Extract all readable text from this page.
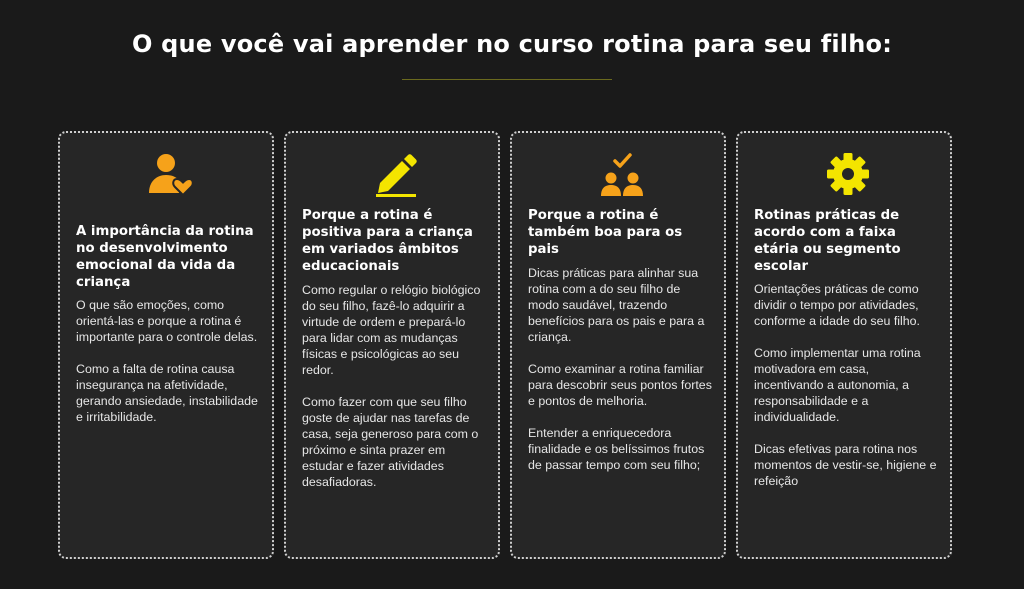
O que você vai aprender no curso rotina para seu filho:
A importância da rotina no desenvolvimento emocional da vida da criança

O que são emoções, como orientá-las e porque a rotina é importante para o controle delas.

Como a falta de rotina causa insegurança na afetividade, gerando ansiedade, instabilidade e irritabilidade.

Porque a rotina é positiva para a criança em variados âmbitos educacionais

Como regular o relógio biológico do seu filho, fazê-lo adquirir a virtude de ordem e prepará-lo para lidar com as mudanças físicas e psicológicas ao seu redor.

Como fazer com que seu filho goste de ajudar nas tarefas de casa, seja generoso para com o próximo e sinta prazer em estudar e fazer atividades desafiadoras.

Porque a rotina é também boa para os pais

Dicas práticas para alinhar sua rotina com a do seu filho de modo saudável, trazendo benefícios para os pais e para a criança.

Como examinar a rotina familiar para descobrir seus pontos fortes e pontos de melhoria.

Entender a enriquecedora finalidade e os belíssimos frutos de passar tempo com seu filho;

Rotinas práticas de acordo com a faixa etária ou segmento escolar

Orientações práticas de como dividir o tempo por atividades, conforme a idade do seu filho.

Como implementar uma rotina motivadora em casa, incentivando a autonomia, a responsabilidade e a individualidade.

Dicas efetivas para rotina nos momentos de vestir-se, higiene e refeição
